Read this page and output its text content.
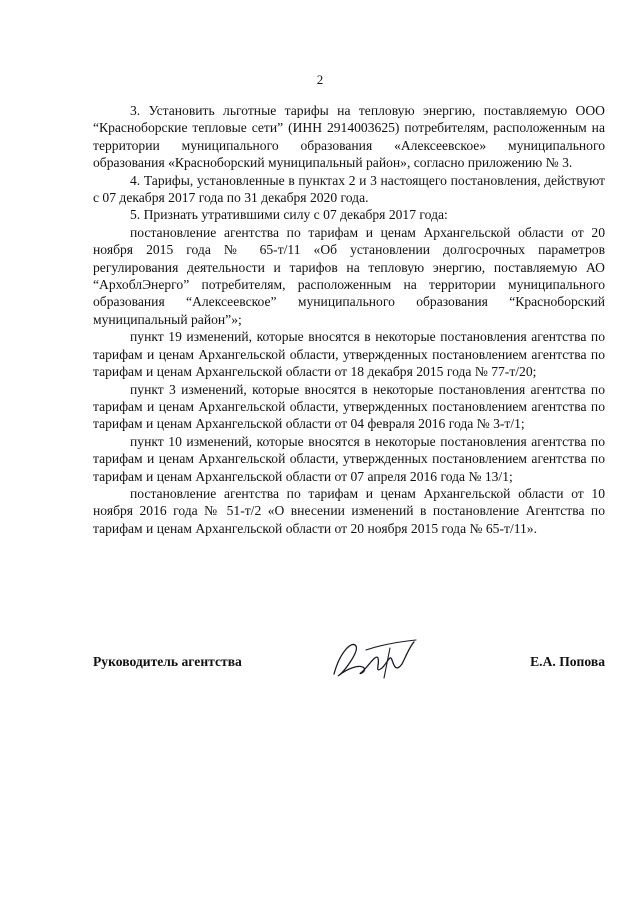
2

3. Установить льготные тарифы на тепловую энергию, поставляемую ООО “Красноборские тепловые сети” (ИНН 2914003625) потребителям, расположенным на территории муниципального образования «Алексеевское» муниципального образования «Красноборский муниципальный район», согласно приложению № 3.

4. Тарифы, установленные в пунктах 2 и 3 настоящего постановления, действуют с 07 декабря 2017 года по 31 декабря 2020 года.

5. Признать утратившими силу с 07 декабря 2017 года:

постановление агентства по тарифам и ценам Архангельской области от 20 ноября 2015 года № 65-т/11 «Об установлении долгосрочных параметров регулирования деятельности и тарифов на тепловую энергию, поставляемую АО “АрхоблЭнерго” потребителям, расположенным на территории муниципального образования “Алексеевское” муниципального образования “Красноборский муниципальный район”»;

пункт 19 изменений, которые вносятся в некоторые постановления агентства по тарифам и ценам Архангельской области, утвержденных постановлением агентства по тарифам и ценам Архангельской области от 18 декабря 2015 года № 77-т/20;

пункт 3 изменений, которые вносятся в некоторые постановления агентства по тарифам и ценам Архангельской области, утвержденных постановлением агентства по тарифам и ценам Архангельской области от 04 февраля 2016 года № 3-т/1;

пункт 10 изменений, которые вносятся в некоторые постановления агентства по тарифам и ценам Архангельской области, утвержденных постановлением агентства по тарифам и ценам Архангельской области от 07 апреля 2016 года № 13/1;

постановление агентства по тарифам и ценам Архангельской области от 10 ноября 2016 года № 51-т/2 «О внесении изменений в постановление Агентства по тарифам и ценам Архангельской области от 20 ноября 2015 года № 65-т/11».

Руководитель агентства	Е.А. Попова
